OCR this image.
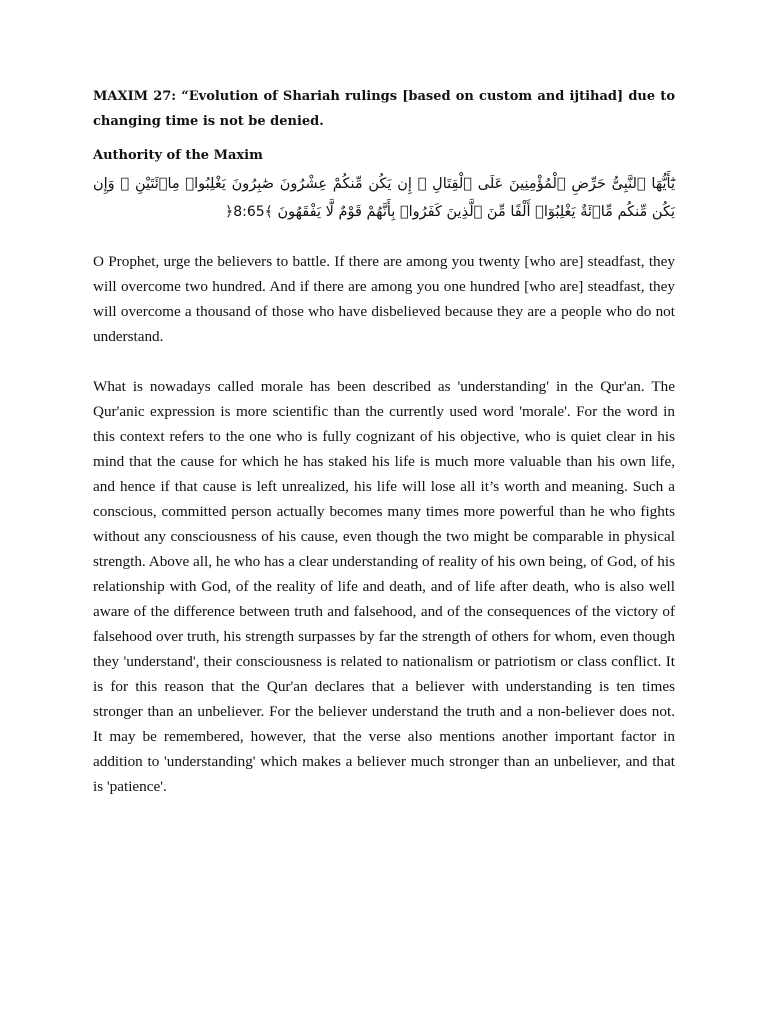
MAXIM 27: “Evolution of Shariah rulings [based on custom and ijtihad] due to changing time is not be denied.

Authority of the Maxim

يَٰٓأَيُّهَا ٱلنَّبِىُّ حَرِّضِ ٱلْمُؤْمِنِينَ عَلَى ٱلْقِتَالِ ۚ إِن يَكُن مِّنكُمْ عِشْرُونَ صَٰبِرُونَ يَغْلِبُوا۟ مِا۟ئَتَيْنِ ۚ وَإِن يَكُن مِّنكُم مِّا۟ئَةٌ يَغْلِبُوٓا۟ أَلْفًا مِّنَ ٱلَّذِينَ كَفَرُوا۟ بِأَنَّهُمْ قَوْمٌ لَّا يَفْقَهُونَ ﴾8:65﴿

O Prophet, urge the believers to battle. If there are among you twenty [who are] steadfast, they will overcome two hundred. And if there are among you one hundred [who are] steadfast, they will overcome a thousand of those who have disbelieved because they are a people who do not understand.

What is nowadays called morale has been described as 'understanding' in the Qur'an. The Qur'anic expression is more scientific than the currently used word 'morale'. For the word in this context refers to the one who is fully cognizant of his objective, who is quiet clear in his mind that the cause for which he has staked his life is much more valuable than his own life, and hence if that cause is left unrealized, his life will lose all it’s worth and meaning. Such a conscious, committed person actually becomes many times more powerful than he who fights without any consciousness of his cause, even though the two might be comparable in physical strength. Above all, he who has a clear understanding of reality of his own being, of God, of his relationship with God, of the reality of life and death, and of life after death, who is also well aware of the difference between truth and falsehood, and of the consequences of the victory of falsehood over truth, his strength surpasses by far the strength of others for whom, even though they 'understand', their consciousness is related to nationalism or patriotism or class conflict. It is for this reason that the Qur'an declares that a believer with understanding is ten times stronger than an unbeliever. For the believer understand the truth and a non-believer does not. It may be remembered, however, that the verse also mentions another important factor in addition to 'understanding' which makes a believer much stronger than an unbeliever, and that is 'patience'.
